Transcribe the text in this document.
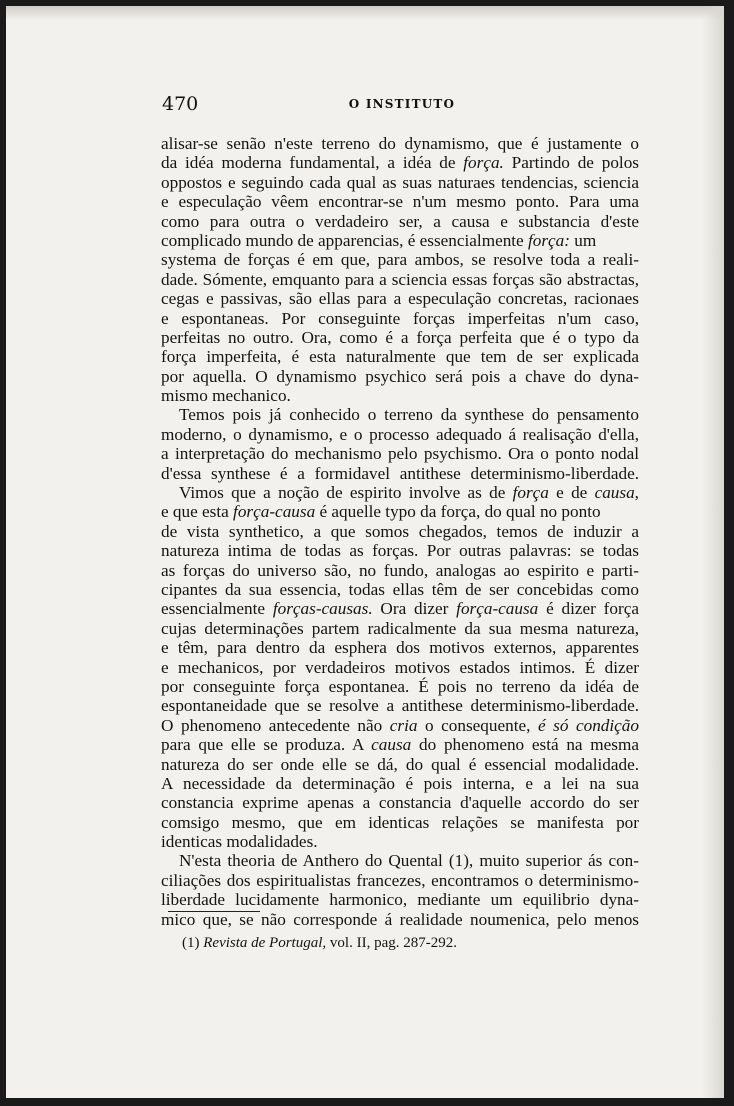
470	O INSTITUTO
alisar-se senão n'este terreno do dynamismo, que é justamente o
da idéa moderna fundamental, a idéa de força. Partindo de polos
oppostos e seguindo cada qual as suas naturaes tendencias, sciencia
e especulação vêem encontrar-se n'um mesmo ponto. Para uma
como para outra o verdadeiro ser, a causa e substancia d'este
complicado mundo de apparencias, é essencialmente força: um
systema de forças é em que, para ambos, se resolve toda a reali-
dade. Sómente, emquanto para a sciencia essas forças são abstractas,
cegas e passivas, são ellas para a especulação concretas, racionaes
e espontaneas. Por conseguinte forças imperfeitas n'um caso,
perfeitas no outro. Ora, como é a força perfeita que é o typo da
força imperfeita, é esta naturalmente que tem de ser explicada
por aquella. O dynamismo psychico será pois a chave do dyna-
mismo mechanico.
Temos pois já conhecido o terreno da synthese do pensamento
moderno, o dynamismo, e o processo adequado á realisação d'ella,
a interpretação do mechanismo pelo psychismo. Ora o ponto nodal
d'essa synthese é a formidavel antithese determinismo-liberdade.
Vimos que a noção de espirito involve as de força e de causa,
e que esta força-causa é aquelle typo da força, do qual no ponto
de vista synthetico, a que somos chegados, temos de induzir a
natureza intima de todas as forças. Por outras palavras: se todas
as forças do universo são, no fundo, analogas ao espirito e parti-
cipantes da sua essencia, todas ellas têm de ser concebidas como
essencialmente forças-causas. Ora dizer força-causa é dizer força
cujas determinações partem radicalmente da sua mesma natureza,
e têm, para dentro da esphera dos motivos externos, apparentes
e mechanicos, por verdadeiros motivos estados intimos. É dizer
por conseguinte força espontanea. É pois no terreno da idéa de
espontaneidade que se resolve a antithese determinismo-liberdade.
O phenomeno antecedente não cria o consequente, é só condição
para que elle se produza. A causa do phenomeno está na mesma
natureza do ser onde elle se dá, do qual é essencial modalidade.
A necessidade da determinação é pois interna, e a lei na sua
constancia exprime apenas a constancia d'aquelle accordo do ser
comsigo mesmo, que em identicas relações se manifesta por
identicas modalidades.
N'esta theoria de Anthero do Quental (1), muito superior ás con-
ciliações dos espiritualistas francezes, encontramos o determinismo-
liberdade lucidamente harmonico, mediante um equilibrio dyna-
mico que, se não corresponde á realidade noumenica, pelo menos
(1) Revista de Portugal, vol. II, pag. 287-292.
